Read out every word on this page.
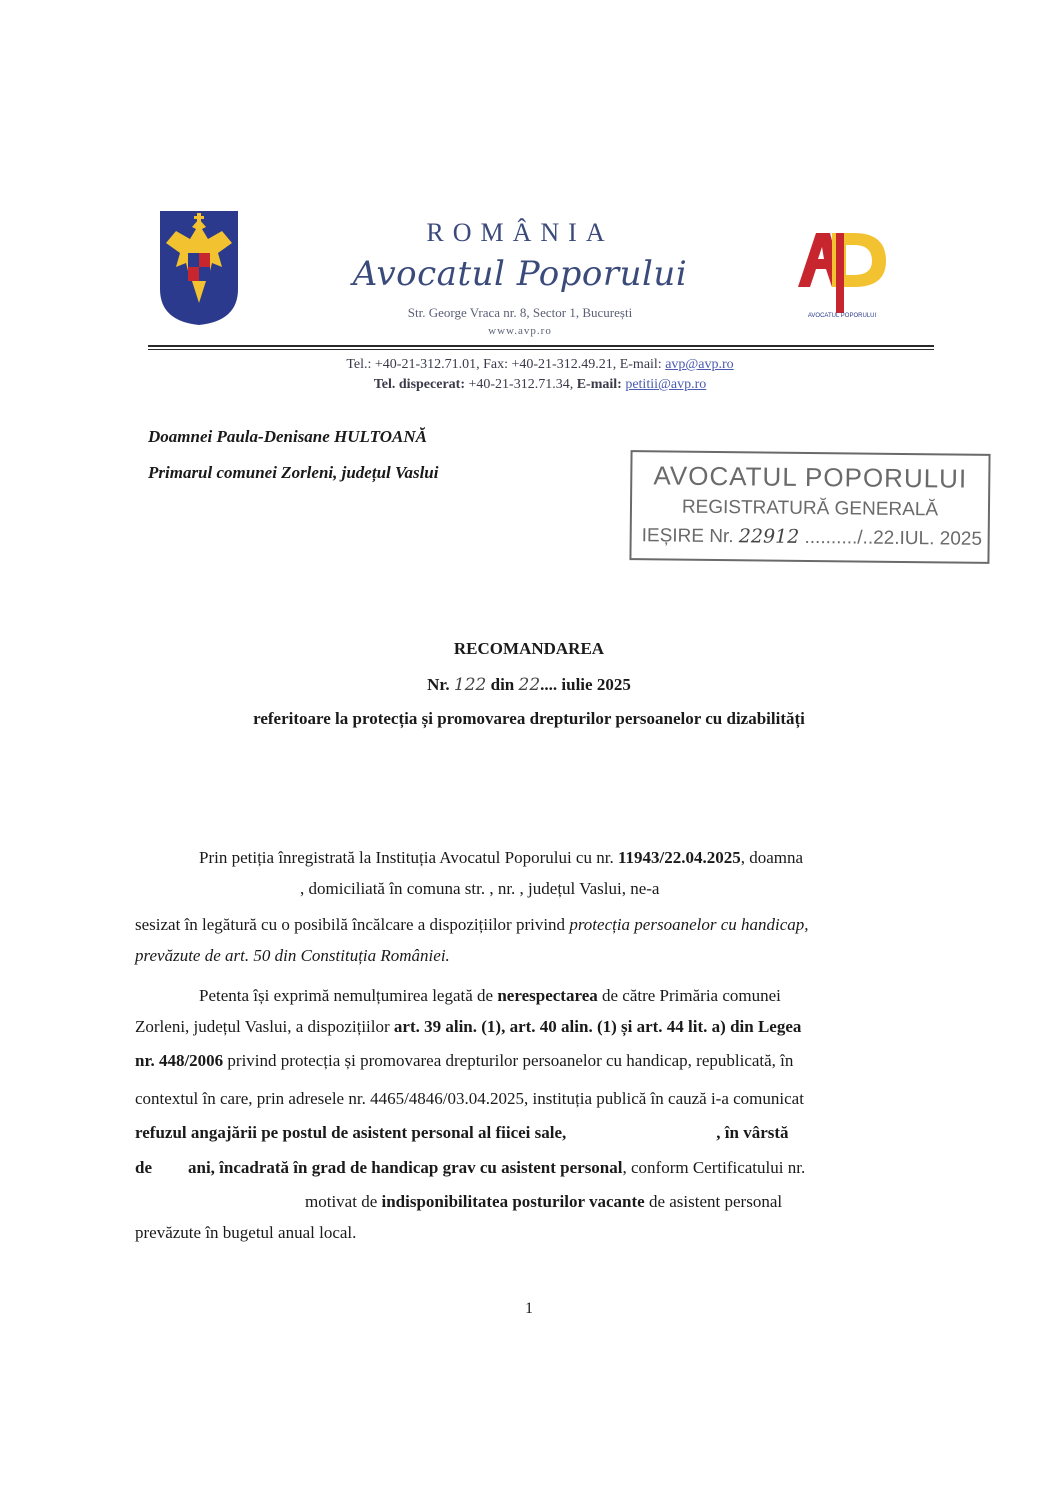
ROMÂNIA
Avocatul Poporului
Str. George Vraca nr. 8, Sector 1, București
www.avp.ro
AVOCATUL POPORULUI
Tel.: +40-21-312.71.01, Fax: +40-21-312.49.21, E-mail: avp@avp.ro
Tel. dispecerat: +40-21-312.71.34, E-mail: petitii@avp.ro
Doamnei Paula-Denisane HULTOANĂ
Primarul comunei Zorleni, județul Vaslui	AVOCATUL POPORULUI
REGISTRATURĂ GENERALĂ
IEȘIRE Nr. 22912 ........../..22.IUL. 2025
RECOMANDAREA
Nr. 122 din 22.... iulie 2025
referitoare la protecția și promovarea drepturilor persoanelor cu dizabilități
Prin petiția înregistrată la Instituția Avocatul Poporului cu nr. 11943/22.04.2025, doamna
, domiciliată în comuna str. , nr. , județul Vaslui, ne-a
sesizat în legătură cu o posibilă încălcare a dispozițiilor privind protecția persoanelor cu handicap,
prevăzute de art. 50 din Constituția României.
Petenta își exprimă nemulțumirea legată de nerespectarea de către Primăria comunei
Zorleni, județul Vaslui, a dispozițiilor art. 39 alin. (1), art. 40 alin. (1) și art. 44 lit. a) din Legea
nr. 448/2006 privind protecția și promovarea drepturilor persoanelor cu handicap, republicată, în
contextul în care, prin adresele nr. 4465/4846/03.04.2025, instituția publică în cauză i-a comunicat
refuzul angajării pe postul de asistent personal al fiicei sale,	, în vârstă
de ani, încadrată în grad de handicap grav cu asistent personal, conform Certificatului nr.
motivat de indisponibilitatea posturilor vacante de asistent personal
prevăzute în bugetul anual local.
1
